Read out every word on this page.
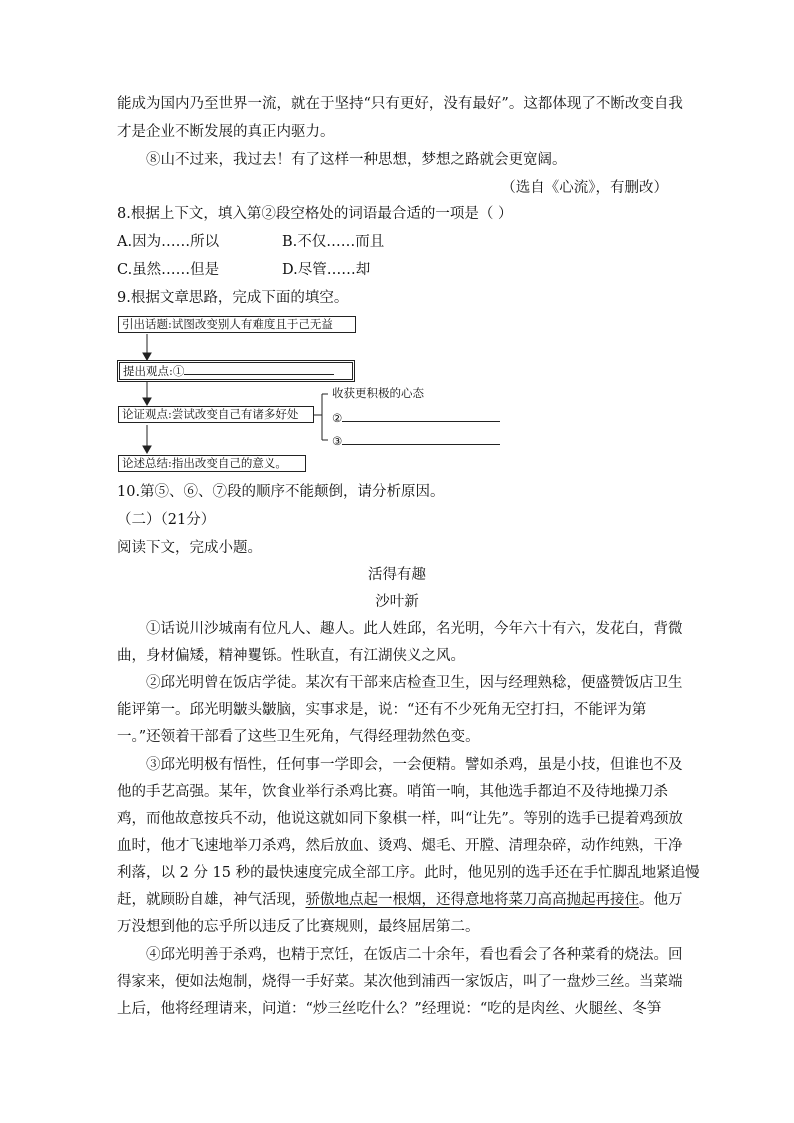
能成为国内乃至世界一流，就在于坚持“只有更好，没有最好”。这都体现了不断改变自我
才是企业不断发展的真正内驱力。
⑧山不过来，我过去！有了这样一种思想，梦想之路就会更宽阔。
（选自《心流》，有删改）
8.根据上下文，填入第②段空格处的词语最合适的一项是（ ）
A.因为……所以	B.不仅……而且
C.虽然……但是	D.尽管……却
9.根据文章思路，完成下面的填空。
引出话题:试图改变别人有难度且于己无益
提出观点:①
论证观点:尝试改变自己有诸多好处
论述总结:指出改变自己的意义。
收获更积极的心态
②
③
10.第⑤、⑥、⑦段的顺序不能颠倒，请分析原因。
（二）（21分）
阅读下文，完成小题。
活得有趣
沙叶新
①话说川沙城南有位凡人、趣人。此人姓邱，名光明，今年六十有六，发花白，背微
曲，身材偏矮，精神矍铄。性耿直，有江湖侠义之风。
②邱光明曾在饭店学徒。某次有干部来店检查卫生，因与经理熟稔，便盛赞饭店卫生
能评第一。邱光明皺头皺脑，实事求是，说：“还有不少死角无空打扫，不能评为第
一。”还领着干部看了这些卫生死角，气得经理勃然色变。
③邱光明极有悟性，任何事一学即会，一会便精。譬如杀鸡，虽是小技，但谁也不及
他的手艺高强。某年，饮食业举行杀鸡比赛。哨笛一响，其他选手都迫不及待地操刀杀
鸡，而他故意按兵不动，他说这就如同下象棋一样，叫“让先”。等别的选手已提着鸡颈放
血时，他才飞速地举刀杀鸡，然后放血、烫鸡、煺毛、开膛、清理杂碎，动作纯熟，干净
利落，以 2 分 15 秒的最快速度完成全部工序。此时，他见别的选手还在手忙脚乱地紧追慢
赶，就顾盼自雄，神气活现，骄傲地点起一根烟，还得意地将菜刀高高抛起再接住。他万
万没想到他的忘乎所以违反了比赛规则，最终屈居第二。
④邱光明善于杀鸡，也精于烹饪，在饭店二十余年，看也看会了各种菜肴的烧法。回
得家来，便如法炮制，烧得一手好菜。某次他到浦西一家饭店，叫了一盘炒三丝。当菜端
上后，他将经理请来，问道：“炒三丝吃什么？”经理说：“吃的是肉丝、火腿丝、冬笋
